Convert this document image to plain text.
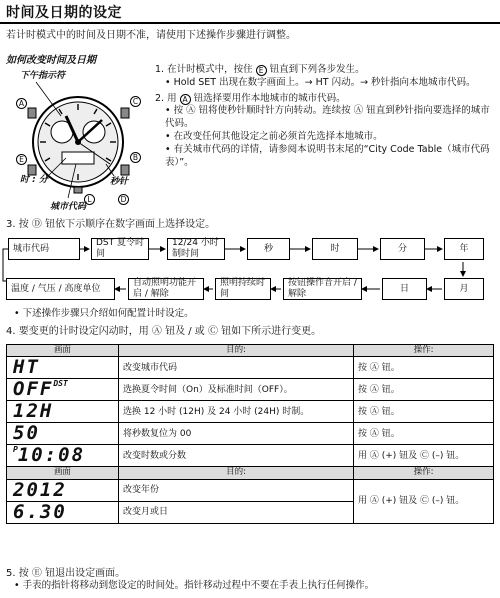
时间及日期的设定
若计时模式中的时间及日期不准，请使用下述操作步骤进行调整。
如何改变时间及日期
下午指示符
时 : 分	秒针
城市代码
C
B
E
D
A
L
1. 在计时模式中，按住 E 钮直到下列各步发生。
• Hold SET 出现在数字画面上。→ HT 闪动。→ 秒针指向本地城市代码。
2. 用 A 钮选择要用作本地城市的城市代码。
• 按 Ⓐ 钮将使秒针顺时针方向转动。连续按 Ⓐ 钮直到秒针指向要选择的城市代码。
• 在改变任何其他设定之前必须首先选择本地城市。
• 有关城市代码的详情，请参阅本说明书末尾的“City Code Table（城市代码表）”。
3. 按 Ⓓ 钮依下示顺序在数字画面上选择设定。
城市代码
DST 夏令时间
12/24 小时制时间
秒	时	分	年
温度 / 气压 / 高度单位
自动照明功能开启 / 解除
照明持续时间
按钮操作音开启 / 解除
日	月
• 下述操作步骤只介绍如何配置计时设定。
4. 要变更的计时设定闪动时，用 Ⓐ 钮及 / 或 Ⓒ 钮如下所示进行变更。
画面	目的:	操作:
HT	改变城市代码	按 Ⓐ 钮。
$OFF^{DST}$	选换夏令时间（On）及标准时间（OFF）。	按 Ⓐ 钮。
12H	选换 12 小时 (12H) 及 24 小时 (24H) 时制。	按 Ⓐ 钮。
50	将秒数复位为 00	按 Ⓐ 钮。
$^P$10:08	改变时数或分数	用 Ⓐ (+) 钮及 Ⓒ (–) 钮。
画面	目的:	操作:
2012	改变年份	用 Ⓐ (+) 钮及 Ⓒ (–) 钮。
6.30	改变月或日	
5. 按 Ⓔ 钮退出设定画面。
• 手表的指针将移动到您设定的时间处。指针移动过程中不要在手表上执行任何操作。
